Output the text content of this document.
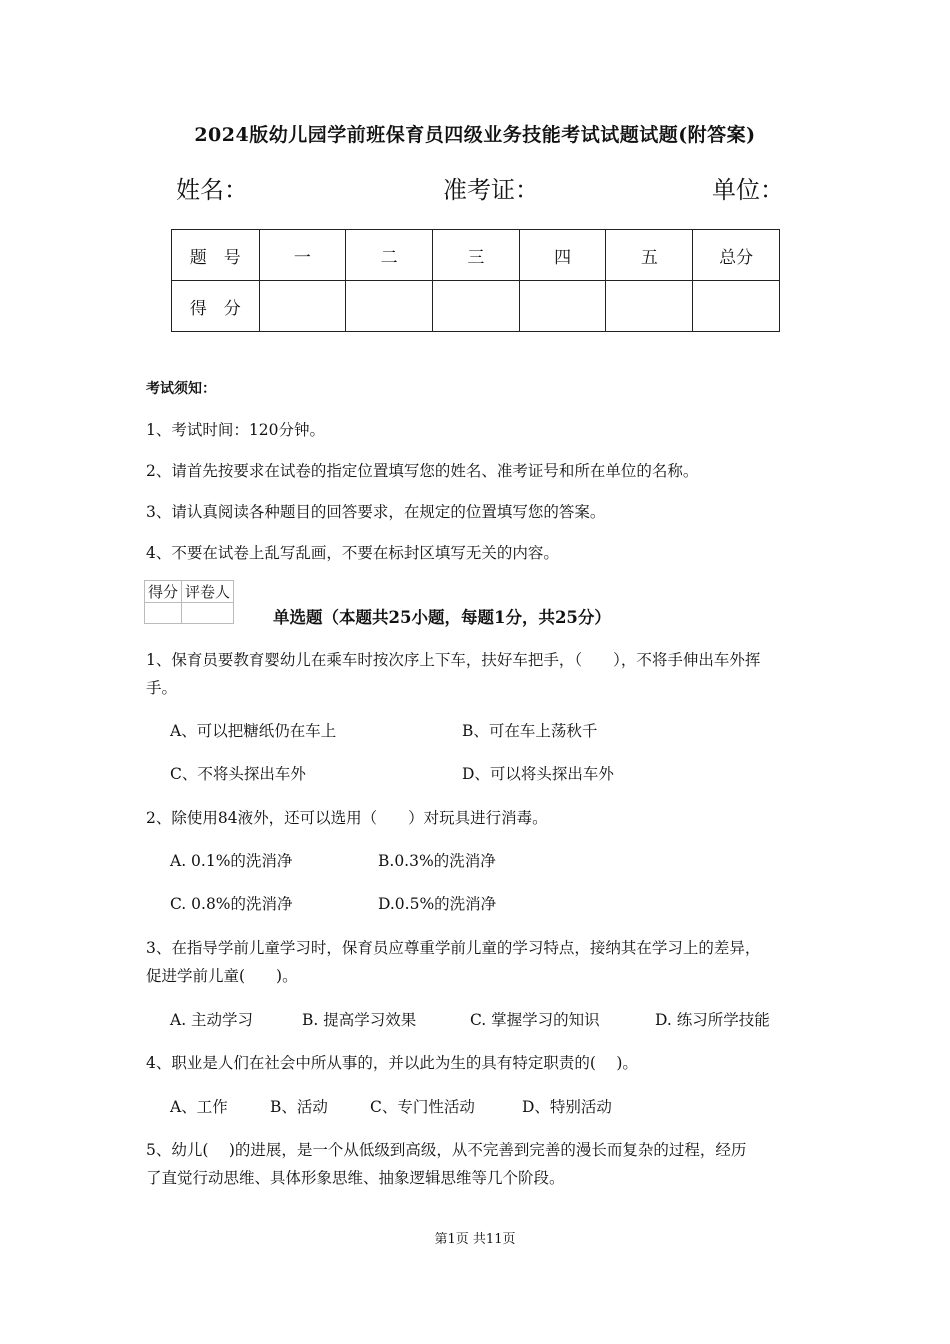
2024版幼儿园学前班保育员四级业务技能考试试题试题(附答案)
姓名：	准考证：	单位：
题　号	一	二	三	四	五	总分
得　分						
考试须知：
1、考试时间：120分钟。
2、请首先按要求在试卷的指定位置填写您的姓名、准考证号和所在单位的名称。
3、请认真阅读各种题目的回答要求，在规定的位置填写您的答案。
4、不要在试卷上乱写乱画，不要在标封区填写无关的内容。
得分	评卷人

单选题（本题共25小题，每题1分，共25分）
1、保育员要教育婴幼儿在乘车时按次序上下车，扶好车把手，（　　），不将手伸出车外挥
手。
A、可以把糖纸仍在车上	B、可在车上荡秋千
C、不将头探出车外	D、可以将头探出车外
2、除使用84液外，还可以选用（　　）对玩具进行消毒。
A. 0.1%的洗消净	B.0.3%的洗消净
C. 0.8%的洗消净	D.0.5%的洗消净
3、在指导学前儿童学习时，保育员应尊重学前儿童的学习特点，接纳其在学习上的差异，
促进学前儿童(　　)。
A. 主动学习	B. 提高学习效果	C. 掌握学习的知识	D. 练习所学技能
4、职业是人们在社会中所从事的，并以此为生的具有特定职责的(　 )。
A、工作	B、活动	C、专门性活动	D、特别活动
5、幼儿(　 )的进展，是一个从低级到高级，从不完善到完善的漫长而复杂的过程，经历
了直觉行动思维、具体形象思维、抽象逻辑思维等几个阶段。
第1页 共11页
